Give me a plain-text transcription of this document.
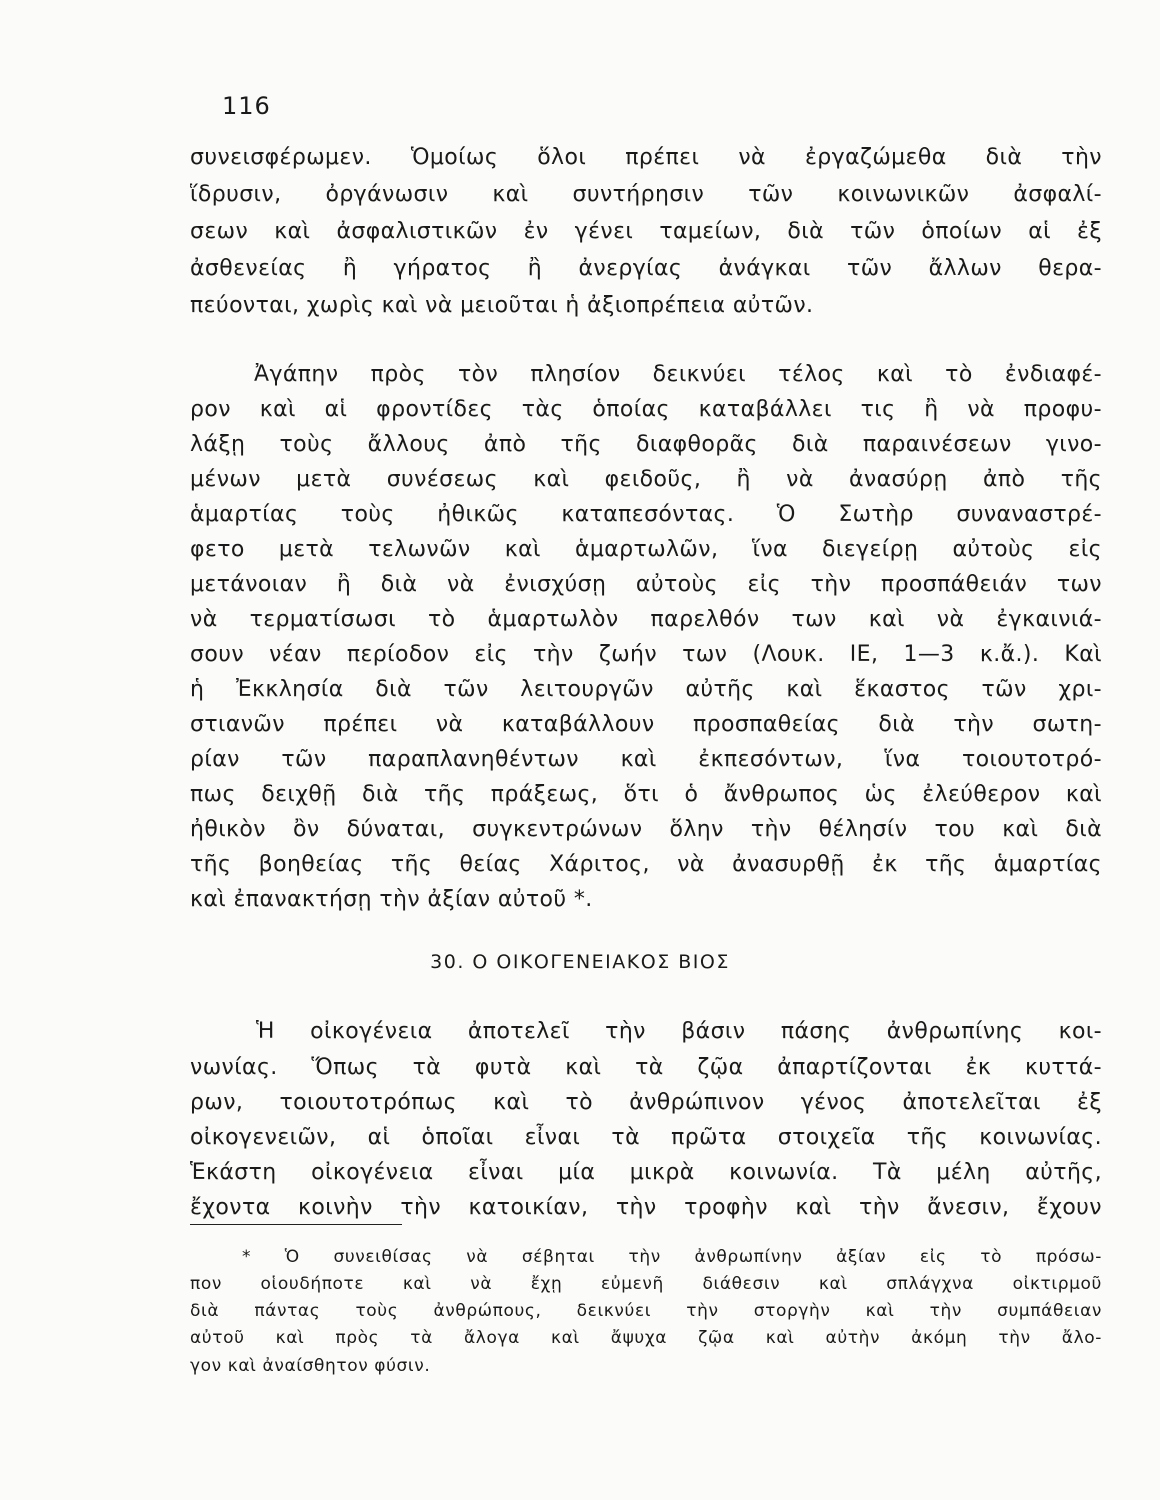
116
συνεισφέρωμεν. Ὁμοίως ὅλοι πρέπει νὰ ἐργαζώμεθα διὰ τὴν
ἵδρυσιν, ὀργάνωσιν καὶ συντήρησιν τῶν κοινωνικῶν ἀσφαλί-
σεων καὶ ἀσφαλιστικῶν ἐν γένει ταμείων, διὰ τῶν ὁποίων αἱ ἐξ
ἀσθενείας ἢ γήρατος ἢ ἀνεργίας ἀνάγκαι τῶν ἄλλων θερα-
πεύονται, χωρὶς καὶ νὰ μειοῦται ἡ ἀξιοπρέπεια αὐτῶν.
Ἀγάπην πρὸς τὸν πλησίον δεικνύει τέλος καὶ τὸ ἐνδιαφέ-
ρον καὶ αἱ φροντίδες τὰς ὁποίας καταβάλλει τις ἢ νὰ προφυ-
λάξῃ τοὺς ἄλλους ἀπὸ τῆς διαφθορᾶς διὰ παραινέσεων γινο-
μένων μετὰ συνέσεως καὶ φειδοῦς, ἢ νὰ ἀνασύρῃ ἀπὸ τῆς
ἁμαρτίας τοὺς ἠθικῶς καταπεσόντας. Ὁ Σωτὴρ συναναστρέ-
φετο μετὰ τελωνῶν καὶ ἁμαρτωλῶν, ἵνα διεγείρῃ αὐτοὺς εἰς
μετάνοιαν ἢ διὰ νὰ ἐνισχύσῃ αὐτοὺς εἰς τὴν προσπάθειάν των
νὰ τερματίσωσι τὸ ἁμαρτωλὸν παρελθόν των καὶ νὰ ἐγκαινιά-
σουν νέαν περίοδον εἰς τὴν ζωήν των (Λουκ. ΙΕ, 1—3 κ.ἄ.). Καὶ
ἡ Ἐκκλησία διὰ τῶν λειτουργῶν αὐτῆς καὶ ἕκαστος τῶν χρι-
στιανῶν πρέπει νὰ καταβάλλουν προσπαθείας διὰ τὴν σωτη-
ρίαν τῶν παραπλανηθέντων καὶ ἐκπεσόντων, ἵνα τοιουτοτρό-
πως δειχθῇ διὰ τῆς πράξεως, ὅτι ὁ ἄνθρωπος ὡς ἐλεύθερον καὶ
ἠθικὸν ὂν δύναται, συγκεντρώνων ὅλην τὴν θέλησίν του καὶ διὰ
τῆς βοηθείας τῆς θείας Χάριτος, νὰ ἀνασυρθῇ ἐκ τῆς ἁμαρτίας
καὶ ἐπανακτήσῃ τὴν ἀξίαν αὐτοῦ *.
30. Ο ΟΙΚΟΓΕΝΕΙΑΚΟΣ ΒΙΟΣ
Ἡ οἰκογένεια ἀποτελεῖ τὴν βάσιν πάσης ἀνθρωπίνης κοι-
νωνίας. Ὅπως τὰ φυτὰ καὶ τὰ ζῷα ἀπαρτίζονται ἐκ κυττά-
ρων, τοιουτοτρόπως καὶ τὸ ἀνθρώπινον γένος ἀποτελεῖται ἐξ
οἰκογενειῶν, αἱ ὁποῖαι εἶναι τὰ πρῶτα στοιχεῖα τῆς κοινωνίας.
Ἑκάστη οἰκογένεια εἶναι μία μικρὰ κοινωνία. Τὰ μέλη αὐτῆς,
ἔχοντα κοινὴν τὴν κατοικίαν, τὴν τροφὴν καὶ τὴν ἄνεσιν, ἔχουν
* Ὁ συνειθίσας νὰ σέβηται τὴν ἀνθρωπίνην ἀξίαν εἰς τὸ πρόσω-
πον οἱουδήποτε καὶ νὰ ἔχῃ εὐμενῆ διάθεσιν καὶ σπλάγχνα οἰκτιρμοῦ
διὰ πάντας τοὺς ἀνθρώπους, δεικνύει τὴν στοργὴν καὶ τὴν συμπάθειαν
αὐτοῦ καὶ πρὸς τὰ ἄλογα καὶ ἄψυχα ζῷα καὶ αὐτὴν ἀκόμη τὴν ἄλο-
γον καὶ ἀναίσθητον φύσιν.
